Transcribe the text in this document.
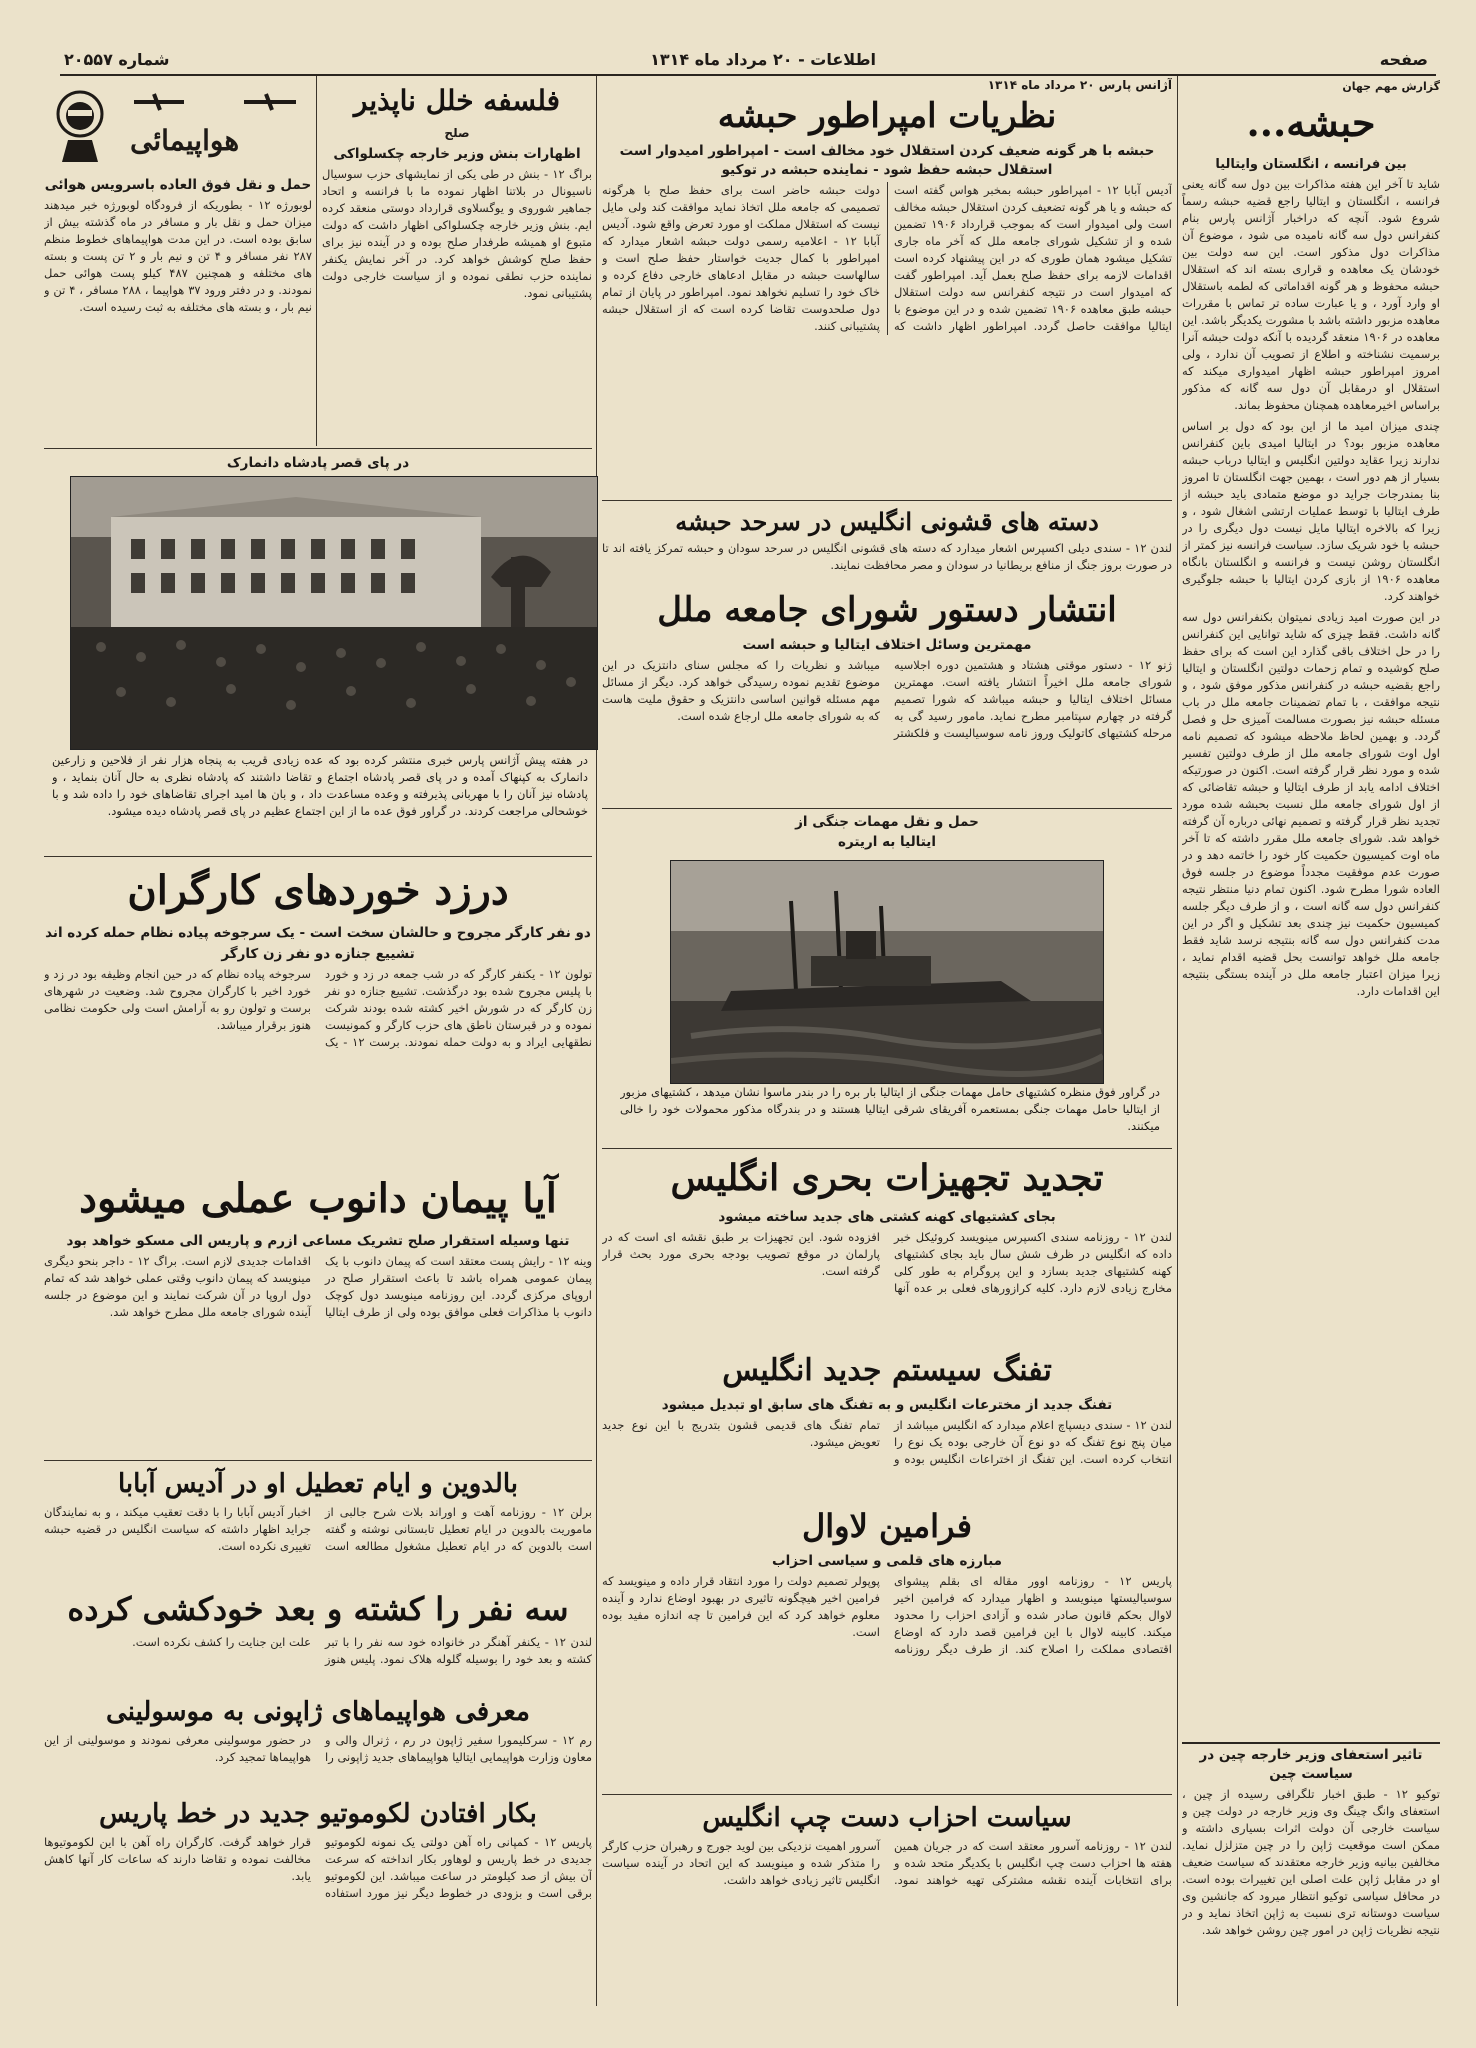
صفحه
اطلاعات - ۲۰ مرداد ماه ۱۳۱۴
شماره ۲۰۵۵۷
گزارش مهم جهان
حبشه...
بین فرانسه ، انگلستان وایتالیا
شاید تا آخر این هفته مذاکرات بین دول سه گانه یعنی فرانسه ، انگلستان و ایتالیا راجع قضیه حبشه رسماً شروع شود. آنچه که دراخبار آژانس پارس بنام کنفرانس دول سه گانه نامیده می شود ، موضوع آن مذاکرات دول مذکور است. این سه دولت بین خودشان یک معاهده و قراری بسته اند که استقلال حبشه محفوظ و هر گونه اقداماتی که لطمه باستقلال او وارد آورد ، و یا عبارت ساده تر تماس با مقررات معاهده مزبور داشته باشد با مشورت یکدیگر باشد. این معاهده در ۱۹۰۶ منعقد گردیده با آنکه دولت حبشه آنرا برسمیت نشناخته و اطلاع از تصویب آن ندارد ، ولی امروز امپراطور حبشه اظهار امیدواری میکند که استقلال او درمقابل آن دول سه گانه که مذکور براساس اخیرمعاهده همچنان محفوظ بماند.
چندی میزان امید ما از این بود که دول بر اساس معاهده مزبور بود؟ در ایتالیا امیدی باین کنفرانس ندارند زیرا عقاید دولتین انگلیس و ایتالیا درباب حبشه بسیار از هم دور است ، بهمین جهت انگلستان تا امروز بنا بمندرجات جراید دو موضع متمادی باید حبشه از طرف ایتالیا با توسط عملیات ارتشی اشغال شود ، و زیرا که بالاخره ایتالیا مایل نیست دول دیگری را در حبشه با خود شریک سازد. سیاست فرانسه نیز کمتر از انگلستان روشن نیست و فرانسه و انگلستان بانگاه معاهده ۱۹۰۶ از بازی کردن ایتالیا با حبشه جلوگیری خواهند کرد.
در این صورت امید زیادی نمیتوان بکنفرانس دول سه گانه داشت. فقط چیزی که شاید توانایی این کنفرانس را در حل اختلاف باقی گذارد این است که برای حفظ صلح کوشیده و تمام زحمات دولتین انگلستان و ایتالیا راجع بقضیه حبشه در کنفرانس مذکور موفق شود ، و نتیجه موافقت ، با تمام تضمینات جامعه ملل در باب مسئله حبشه نیز بصورت مسالمت آمیزی حل و فصل گردد. و بهمین لحاظ ملاحظه میشود که تصمیم نامه اول اوت شورای جامعه ملل از طرف دولتین تفسیر شده و مورد نظر قرار گرفته است. اکنون در صورتیکه اختلاف ادامه یابد از طرف ایتالیا و حبشه تقاضائی که از اول شورای جامعه ملل نسبت بحبشه شده مورد تجدید نظر قرار گرفته و تصمیم نهائی درباره آن گرفته خواهد شد. شورای جامعه ملل مقرر داشته که تا آخر ماه اوت کمیسیون حکمیت کار خود را خاتمه دهد و در صورت عدم موفقیت مجدداً موضوع در جلسه فوق العاده شورا مطرح شود. اکنون تمام دنیا منتظر نتیجه کنفرانس دول سه گانه است ، و از طرف دیگر جلسه کمیسیون حکمیت نیز چندی بعد تشکیل و اگر در این مدت کنفرانس دول سه گانه بنتیجه نرسد شاید فقط جامعه ملل خواهد توانست بحل قضیه اقدام نماید ، زیرا میزان اعتبار جامعه ملل در آینده بستگی بنتیجه این اقدامات دارد.
تاثیر استعفای وزیر خارجه چین در سیاست چین
توکیو ۱۲ - طبق اخبار تلگرافی رسیده از چین ، استعفای وانگ چینگ وی وزیر خارجه در دولت چین و سیاست خارجی آن دولت اثرات بسیاری داشته و ممکن است موقعیت ژاپن را در چین متزلزل نماید. مخالفین بیانیه وزیر خارجه معتقدند که سیاست ضعیف او در مقابل ژاپن علت اصلی این تغییرات بوده است. در محافل سیاسی توکیو انتظار میرود که جانشین وی سیاست دوستانه تری نسبت به ژاپن اتخاذ نماید و در نتیجه نظریات ژاپن در امور چین روشن خواهد شد.
آژانس پارس ۲۰ مرداد ماه ۱۳۱۴
نظریات امپراطور حبشه
حبشه با هر گونه ضعیف کردن استقلال خود مخالف است - امپراطور امیدوار است استقلال حبشه حفظ شود - نماینده حبشه در توکیو
آدیس آبابا ۱۲ - امپراطور حبشه بمخبر هواس گفته است که حبشه و یا هر گونه تضعیف کردن استقلال حبشه مخالف است ولی امیدوار است که بموجب قرارداد ۱۹۰۶ تضمین شده و از تشکیل شورای جامعه ملل که آخر ماه جاری تشکیل میشود همان طوری که در این پیشنهاد کرده است اقدامات لازمه برای حفظ صلح بعمل آید. امپراطور گفت که امیدوار است در نتیجه کنفرانس سه دولت استقلال حبشه طبق معاهده ۱۹۰۶ تضمین شده و در این موضوع با ایتالیا موافقت حاصل گردد. امپراطور اظهار داشت که دولت حبشه حاضر است برای حفظ صلح با هرگونه تصمیمی که جامعه ملل اتخاذ نماید موافقت کند ولی مایل نیست که استقلال مملکت او مورد تعرض واقع شود. آدیس آبابا ۱۲ - اعلامیه رسمی دولت حبشه اشعار میدارد که امپراطور با کمال جدیت خواستار حفظ صلح است و سالهاست حبشه در مقابل ادعاهای خارجی دفاع کرده و خاک خود را تسلیم نخواهد نمود. امپراطور در پایان از تمام دول صلحدوست تقاضا کرده است که از استقلال حبشه پشتیبانی کنند.
دسته های قشونی انگلیس در سرحد حبشه
لندن ۱۲ - سندی دیلی اکسپرس اشعار میدارد که دسته های قشونی انگلیس در سرحد سودان و حبشه تمرکز یافته اند تا در صورت بروز جنگ از منافع بریطانیا در سودان و مصر محافظت نمایند.
انتشار دستور شورای جامعه ملل
مهمترین وسائل اختلاف ایتالیا و حبشه است
ژنو ۱۲ - دستور موقتی هشتاد و هشتمین دوره اجلاسیه شورای جامعه ملل اخیراً انتشار یافته است. مهمترین مسائل اختلاف ایتالیا و حبشه میباشد که شورا تصمیم گرفته در چهارم سپتامبر مطرح نماید. مامور رسید گی به مرحله کشتیهای کاتولیک وروز نامه سوسیالیست و فلکشتر میباشد و نظریات را که مجلس سنای دانتزیک در این موضوع تقدیم نموده رسیدگی خواهد کرد. دیگر از مسائل مهم مسئله قوانین اساسی دانتزیک و حقوق ملیت هاست که به شورای جامعه ملل ارجاع شده است.
حمل و نقل مهمات جنگی از ایتالیا به اریتره
در گراور فوق منظره کشتیهای حامل مهمات جنگی از ایتالیا بار بره را در بندر ماسوا نشان میدهد ، کشتیهای مزبور از ایتالیا حامل مهمات جنگی بمستعمره آفریقای شرقی ایتالیا هستند و در بندرگاه مذکور محمولات خود را خالی میکنند.
تجدید تجهیزات بحری انگلیس
بجای کشتیهای کهنه کشتی های جدید ساخته میشود
لندن ۱۲ - روزنامه سندی اکسپرس مینویسد کروئیکل خبر داده که انگلیس در ظرف شش سال باید بجای کشتیهای کهنه کشتیهای جدید بسازد و این پروگرام به طور کلی مخارج زیادی لازم دارد. کلیه کرازورهای فعلی بر عده آنها افزوده شود. این تجهیزات بر طبق نقشه ای است که در پارلمان در موقع تصویب بودجه بحری مورد بحث قرار گرفته است.
تفنگ سیستم جدید انگلیس
تفنگ جدید از مخترعات انگلیس و به تفنگ های سابق او تبدیل میشود
لندن ۱۲ - سندی دیسپاچ اعلام میدارد که انگلیس میباشد از میان پنج نوع تفنگ که دو نوع آن خارجی بوده یک نوع را انتخاب کرده است. این تفنگ از اختراعات انگلیس بوده و تمام تفنگ های قدیمی قشون بتدریج با این نوع جدید تعویض میشود.
فرامین لاوال
مبارزه های قلمی و سیاسی احزاب
پاریس ۱۲ - روزنامه اوور مقاله ای بقلم پیشوای سوسیالیستها مینویسد و اظهار میدارد که فرامین اخیر لاوال بحکم قانون صادر شده و آزادی احزاب را محدود میکند. کابینه لاوال با این فرامین قصد دارد که اوضاع اقتصادی مملکت را اصلاح کند. از طرف دیگر روزنامه پوپولر تصمیم دولت را مورد انتقاد قرار داده و مینویسد که فرامین اخیر هیچگونه تاثیری در بهبود اوضاع ندارد و آینده معلوم خواهد کرد که این فرامین تا چه اندازه مفید بوده است.
سیاست احزاب دست چپ انگلیس
لندن ۱۲ - روزنامه آسرور معتقد است که در جریان همین هفته ها احزاب دست چپ انگلیس با یکدیگر متحد شده و برای انتخابات آینده نقشه مشترکی تهیه خواهند نمود. آسرور اهمیت نزدیکی بین لوید جورج و رهبران حزب کارگر را متذکر شده و مینویسد که این اتحاد در آینده سیاست انگلیس تاثیر زیادی خواهد داشت.
فلسفه خلل ناپذیر
صلح
اظهارات بنش وزیر خارجه چکسلواکی
براگ ۱۲ - بنش در طی یکی از نمایشهای حزب سوسیال ناسیونال در بلاتنا اظهار نموده ما با فرانسه و اتحاد جماهیر شوروی و یوگسلاوی قرارداد دوستی منعقد کرده ایم. بنش وزیر خارجه چکسلواکی اظهار داشت که دولت متبوع او همیشه طرفدار صلح بوده و در آینده نیز برای حفظ صلح کوشش خواهد کرد. در آخر نمایش یکنفر نماینده حزب نطقی نموده و از سیاست خارجی دولت پشتیبانی نمود.
هواپیمائی
حمل و نقل فوق العاده باسرویس هوائی
لوبورژه ۱۲ - بطوریکه از فرودگاه لوبورژه خبر میدهند میزان حمل و نقل بار و مسافر در ماه گذشته بیش از سابق بوده است. در این مدت هواپیماهای خطوط منظم ۲۸۷ نفر مسافر و ۴ تن و نیم بار و ۲ تن پست و بسته های مختلفه و همچنین ۴۸۷ کیلو پست هوائی حمل نمودند. و در دفتر ورود ۳۷ هواپیما ، ۲۸۸ مسافر ، ۴ تن و نیم بار ، و بسته های مختلفه به ثبت رسیده است.
در پای قصر پادشاه دانمارک
در هفته پیش آژانس پارس خبری منتشر کرده بود که عده زیادی قریب به پنجاه هزار نفر از فلاحین و زارعین دانمارک به کپنهاک آمده و در پای قصر پادشاه اجتماع و تقاضا داشتند که پادشاه نظری به حال آنان بنماید ، و پادشاه نیز آنان را با مهربانی پذیرفته و وعده مساعدت داد ، و بان ها امید اجرای تقاضاهای خود را داده شد و با خوشحالی مراجعت کردند. در گراور فوق عده ما از این اجتماع عظیم در پای قصر پادشاه دیده میشود.
درزد خوردهای کارگران
دو نفر کارگر مجروح و حالشان سخت است - یک سرجوخه پیاده نظام حمله کرده اند
تشییع جنازه دو نفر زن کارگر
تولون ۱۲ - یکنفر کارگر که در شب جمعه در زد و خورد با پلیس مجروح شده بود درگذشت. تشییع جنازه دو نفر زن کارگر که در شورش اخیر کشته شده بودند شرکت نموده و در قبرستان ناطق های حزب کارگر و کمونیست نطقهایی ایراد و به دولت حمله نمودند. برست ۱۲ - یک سرجوخه پیاده نظام که در حین انجام وظیفه بود در زد و خورد اخیر با کارگران مجروح شد. وضعیت در شهرهای برست و تولون رو به آرامش است ولی حکومت نظامی هنوز برقرار میباشد.
آیا پیمان دانوب عملی میشود
تنها وسیله استقرار صلح تشریک مساعی ازرم و پاریس الی مسکو خواهد بود
وینه ۱۲ - رایش پست معتقد است که پیمان دانوب با یک پیمان عمومی همراه باشد تا باعث استقرار صلح در اروپای مرکزی گردد. این روزنامه مینویسد دول کوچک دانوب با مذاکرات فعلی موافق بوده ولی از طرف ایتالیا اقدامات جدیدی لازم است. براگ ۱۲ - داجر بنحو دیگری مینویسد که پیمان دانوب وقتی عملی خواهد شد که تمام دول اروپا در آن شرکت نمایند و این موضوع در جلسه آینده شورای جامعه ملل مطرح خواهد شد.
بالدوین و ایام تعطیل او در آدیس آبابا
برلن ۱۲ - روزنامه آهت و اوراند بلات شرح جالبی از ماموریت بالدوین در ایام تعطیل تابستانی نوشته و گفته است بالدوین که در ایام تعطیل مشغول مطالعه است اخبار آدیس آبابا را با دقت تعقیب میکند ، و به نمایندگان جراید اظهار داشته که سیاست انگلیس در قضیه حبشه تغییری نکرده است.
سه نفر را کشته و بعد خودکشی کرده
لندن ۱۲ - یکنفر آهنگر در خانواده خود سه نفر را با تبر کشته و بعد خود را بوسیله گلوله هلاک نمود. پلیس هنوز علت این جنایت را کشف نکرده است.
معرفی هواپیماهای ژاپونی به موسولینی
رم ۱۲ - سرکلیمورا سفیر ژاپون در رم ، ژنرال والی و معاون وزارت هواپیمایی ایتالیا هواپیماهای جدید ژاپونی را در حضور موسولینی معرفی نمودند و موسولینی از این هواپیماها تمجید کرد.
بکار افتادن لکوموتیو جدید در خط پاریس
پاریس ۱۲ - کمپانی راه آهن دولتی یک نمونه لکوموتیو جدیدی در خط پاریس و لوهاور بکار انداخته که سرعت آن بیش از صد کیلومتر در ساعت میباشد. این لکوموتیو برقی است و بزودی در خطوط دیگر نیز مورد استفاده قرار خواهد گرفت. کارگران راه آهن با این لکوموتیوها مخالفت نموده و تقاضا دارند که ساعات کار آنها کاهش یابد.
